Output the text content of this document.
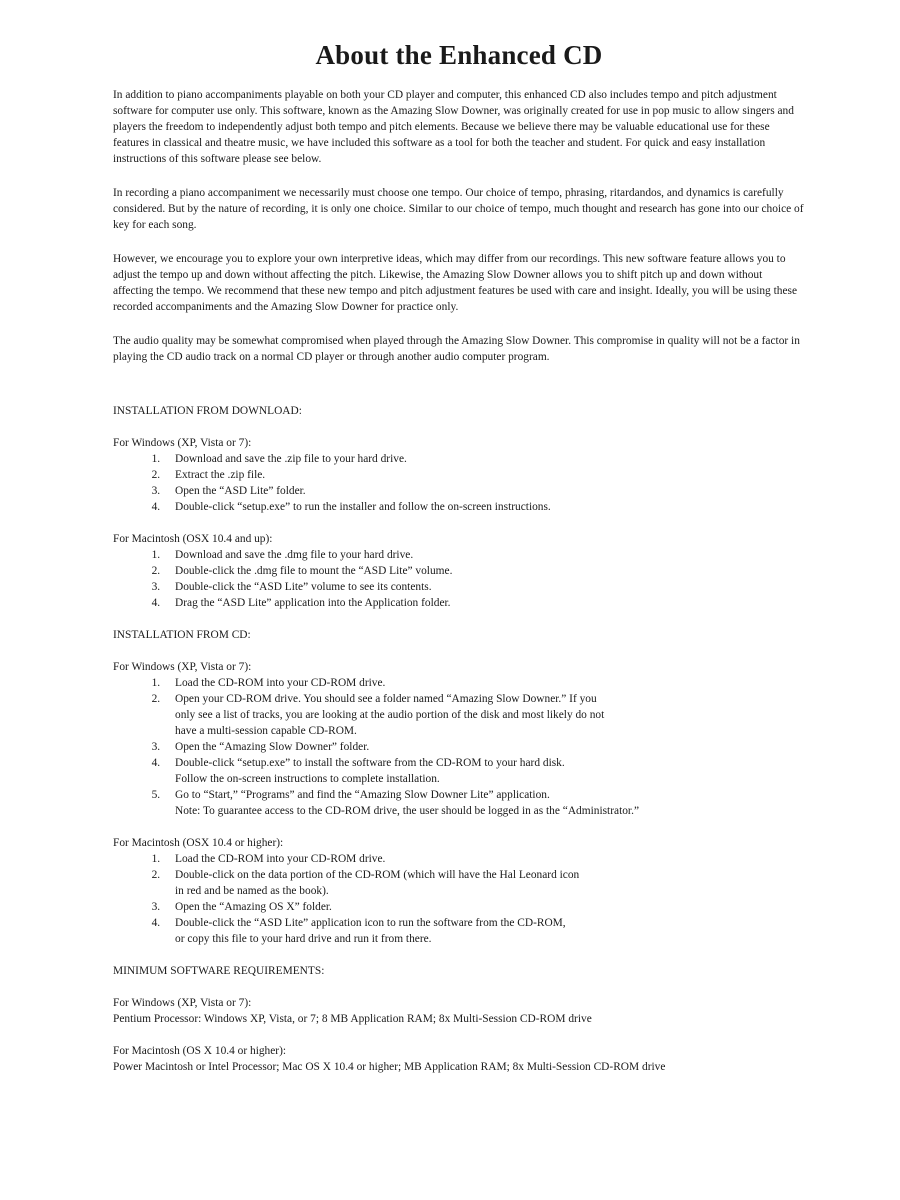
About the Enhanced CD

In addition to piano accompaniments playable on both your CD player and computer, this enhanced CD also includes tempo and pitch adjustment software for computer use only. This software, known as the Amazing Slow Downer, was originally created for use in pop music to allow singers and players the freedom to independently adjust both tempo and pitch elements. Because we believe there may be valuable educational use for these features in classical and theatre music, we have included this software as a tool for both the teacher and student. For quick and easy installation instructions of this software please see below.

In recording a piano accompaniment we necessarily must choose one tempo. Our choice of tempo, phrasing, ritardandos, and dynamics is carefully considered. But by the nature of recording, it is only one choice. Similar to our choice of tempo, much thought and research has gone into our choice of key for each song.

However, we encourage you to explore your own interpretive ideas, which may differ from our recordings. This new software feature allows you to adjust the tempo up and down without affecting the pitch. Likewise, the Amazing Slow Downer allows you to shift pitch up and down without affecting the tempo. We recommend that these new tempo and pitch adjustment features be used with care and insight. Ideally, you will be using these recorded accompaniments and the Amazing Slow Downer for practice only.

The audio quality may be somewhat compromised when played through the Amazing Slow Downer. This compromise in quality will not be a factor in playing the CD audio track on a normal CD player or through another audio computer program.

INSTALLATION FROM DOWNLOAD:
For Windows (XP, Vista or 7):
1. Download and save the .zip file to your hard drive.
2. Extract the .zip file.
3. Open the “ASD Lite” folder.
4. Double-click “setup.exe” to run the installer and follow the on-screen instructions.
For Macintosh (OSX 10.4 and up):
1. Download and save the .dmg file to your hard drive.
2. Double-click the .dmg file to mount the “ASD Lite” volume.
3. Double-click the “ASD Lite” volume to see its contents.
4. Drag the “ASD Lite” application into the Application folder.
INSTALLATION FROM CD:
For Windows (XP, Vista or 7):
1. Load the CD-ROM into your CD-ROM drive.
2. Open your CD-ROM drive. You should see a folder named “Amazing Slow Downer.” If you
only see a list of tracks, you are looking at the audio portion of the disk and most likely do not
have a multi-session capable CD-ROM.
3. Open the “Amazing Slow Downer” folder.
4. Double-click “setup.exe” to install the software from the CD-ROM to your hard disk.
Follow the on-screen instructions to complete installation.
5. Go to “Start,” “Programs” and find the “Amazing Slow Downer Lite” application.
Note: To guarantee access to the CD-ROM drive, the user should be logged in as the “Administrator.”
For Macintosh (OSX 10.4 or higher):
1. Load the CD-ROM into your CD-ROM drive.
2. Double-click on the data portion of the CD-ROM (which will have the Hal Leonard icon
in red and be named as the book).
3. Open the “Amazing OS X” folder.
4. Double-click the “ASD Lite” application icon to run the software from the CD-ROM,
or copy this file to your hard drive and run it from there.
MINIMUM SOFTWARE REQUIREMENTS:
For Windows (XP, Vista or 7):
Pentium Processor: Windows XP, Vista, or 7; 8 MB Application RAM; 8x Multi-Session CD-ROM drive
For Macintosh (OS X 10.4 or higher):
Power Macintosh or Intel Processor; Mac OS X 10.4 or higher; MB Application RAM; 8x Multi-Session CD-ROM drive
